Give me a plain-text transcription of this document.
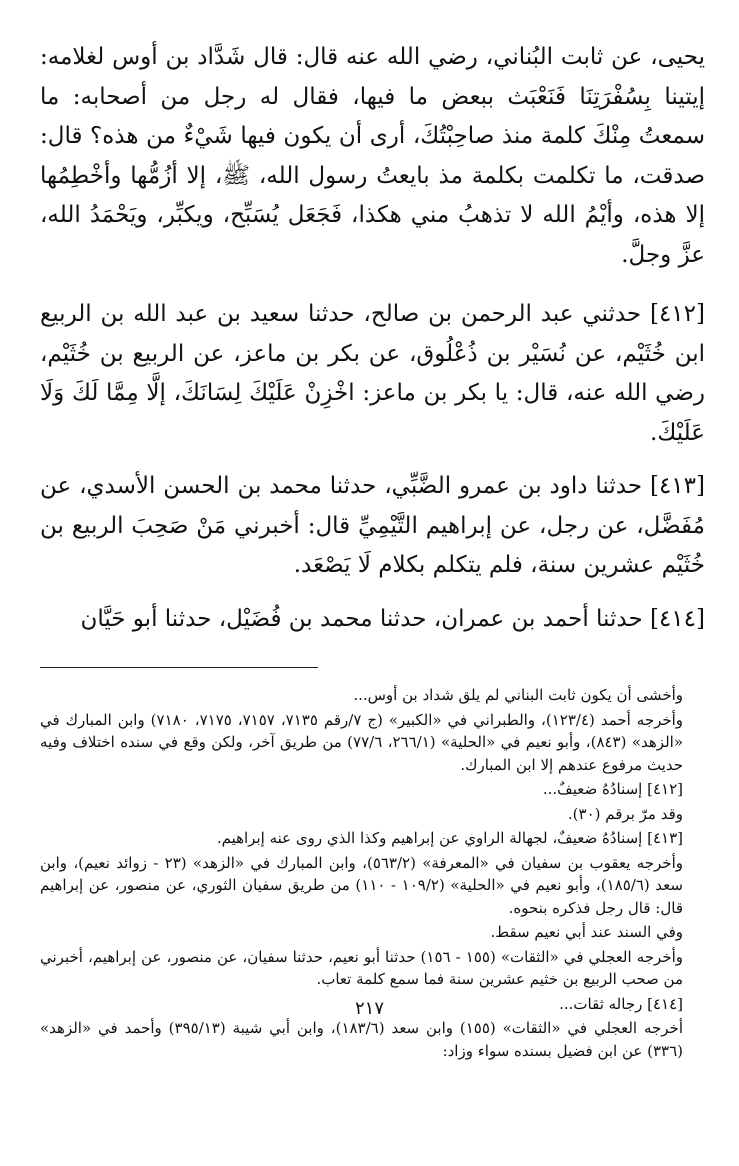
يحيى، عن ثابت البُناني، رضي الله عنه قال: قال شَدَّاد بن أوس لغلامه: إيتينا بِسُفْرَتِنَا فَنَعْبَث ببعض ما فيها، فقال له رجل من أصحابه: ما سمعتُ مِنْكَ كلمة منذ صاحِبْتُكَ، أرى أن يكون فيها شَيْءٌ من هذه؟ قال: صدقت، ما تكلمت بكلمة مذ بايعتُ رسول الله، ﷺ، إلا أزُمُّها وأخْطِمُها إلا هذه، وأيْمُ الله لا تذهبُ مني هكذا، فَجَعَل يُسَبِّح، ويكبِّر، ويَحْمَدُ الله، عزَّ وجلَّ.

[٤١٢] حدثني عبد الرحمن بن صالح، حدثنا سعيد بن عبد الله بن الربيع ابن خُثَيْم، عن نُسَيْر بن ذُعْلُوق، عن بكر بن ماعز، عن الربيع بن خُثَيْم، رضي الله عنه، قال: يا بكر بن ماعز: اخْزِنْ عَلَيْكَ لِسَانَكَ، إلَّا مِمَّا لَكَ وَلَا عَلَيْكَ.

[٤١٣] حدثنا داود بن عمرو الضَّبِّي، حدثنا محمد بن الحسن الأسدي، عن مُفَضَّل، عن رجل، عن إبراهيم التَّيْمِيِّ قال: أخبرني مَنْ صَحِبَ الربيع بن خُثَيْم عشرين سنة، فلم يتكلم بكلام لَا يَصْعَد.

[٤١٤] حدثنا أحمد بن عمران، حدثنا محمد بن فُضَيْل، حدثنا أبو حَيَّان

وأخشى أن يكون ثابت البناني لم يلق شداد بن أوس...

وأخرجه أحمد (١٢٣/٤)، والطبراني في «الكبير» (ج ٧/رقم ٧١٣٥، ٧١٥٧، ٧١٧٥، ٧١٨٠) وابن المبارك في «الزهد» (٨٤٣)، وأبو نعيم في «الحلية» (٢٦٦/١، ٧٧/٦) من طريق آخر، ولكن وقع في سنده اختلاف وفيه حديث مرفوع عندهم إلا ابن المبارك.

[٤١٢] إسنادُهُ ضعيفٌ...

وقد مرّ برقم (٣٠).

[٤١٣] إسنادُهُ ضعيفٌ، لجهالة الراوي عن إبراهيم وكذا الذي روى عنه إبراهيم.

وأخرجه يعقوب بن سفيان في «المعرفة» (٥٦٣/٢)، وابن المبارك في «الزهد» (٢٣ - زوائد نعيم)، وابن سعد (١٨٥/٦)، وأبو نعيم في «الحلية» (١٠٩/٢ - ١١٠) من طريق سفيان الثوري، عن منصور، عن إبراهيم قال: قال رجل فذكره بنحوه.

وفي السند عند أبي نعيم سقط.

وأخرجه العجلي في «الثقات» (١٥٥ - ١٥٦) حدثنا أبو نعيم، حدثنا سفيان، عن منصور، عن إبراهيم، أخبرني من صحب الربيع بن خثيم عشرين سنة فما سمع كلمة تعاب.

[٤١٤] رجاله ثقات...

أخرجه العجلي في «الثقات» (١٥٥) وابن سعد (١٨٣/٦)، وابن أبي شيبة (٣٩٥/١٣) وأحمد في «الزهد» (٣٣٦) عن ابن فضيل بسنده سواء وزاد:

٢١٧
